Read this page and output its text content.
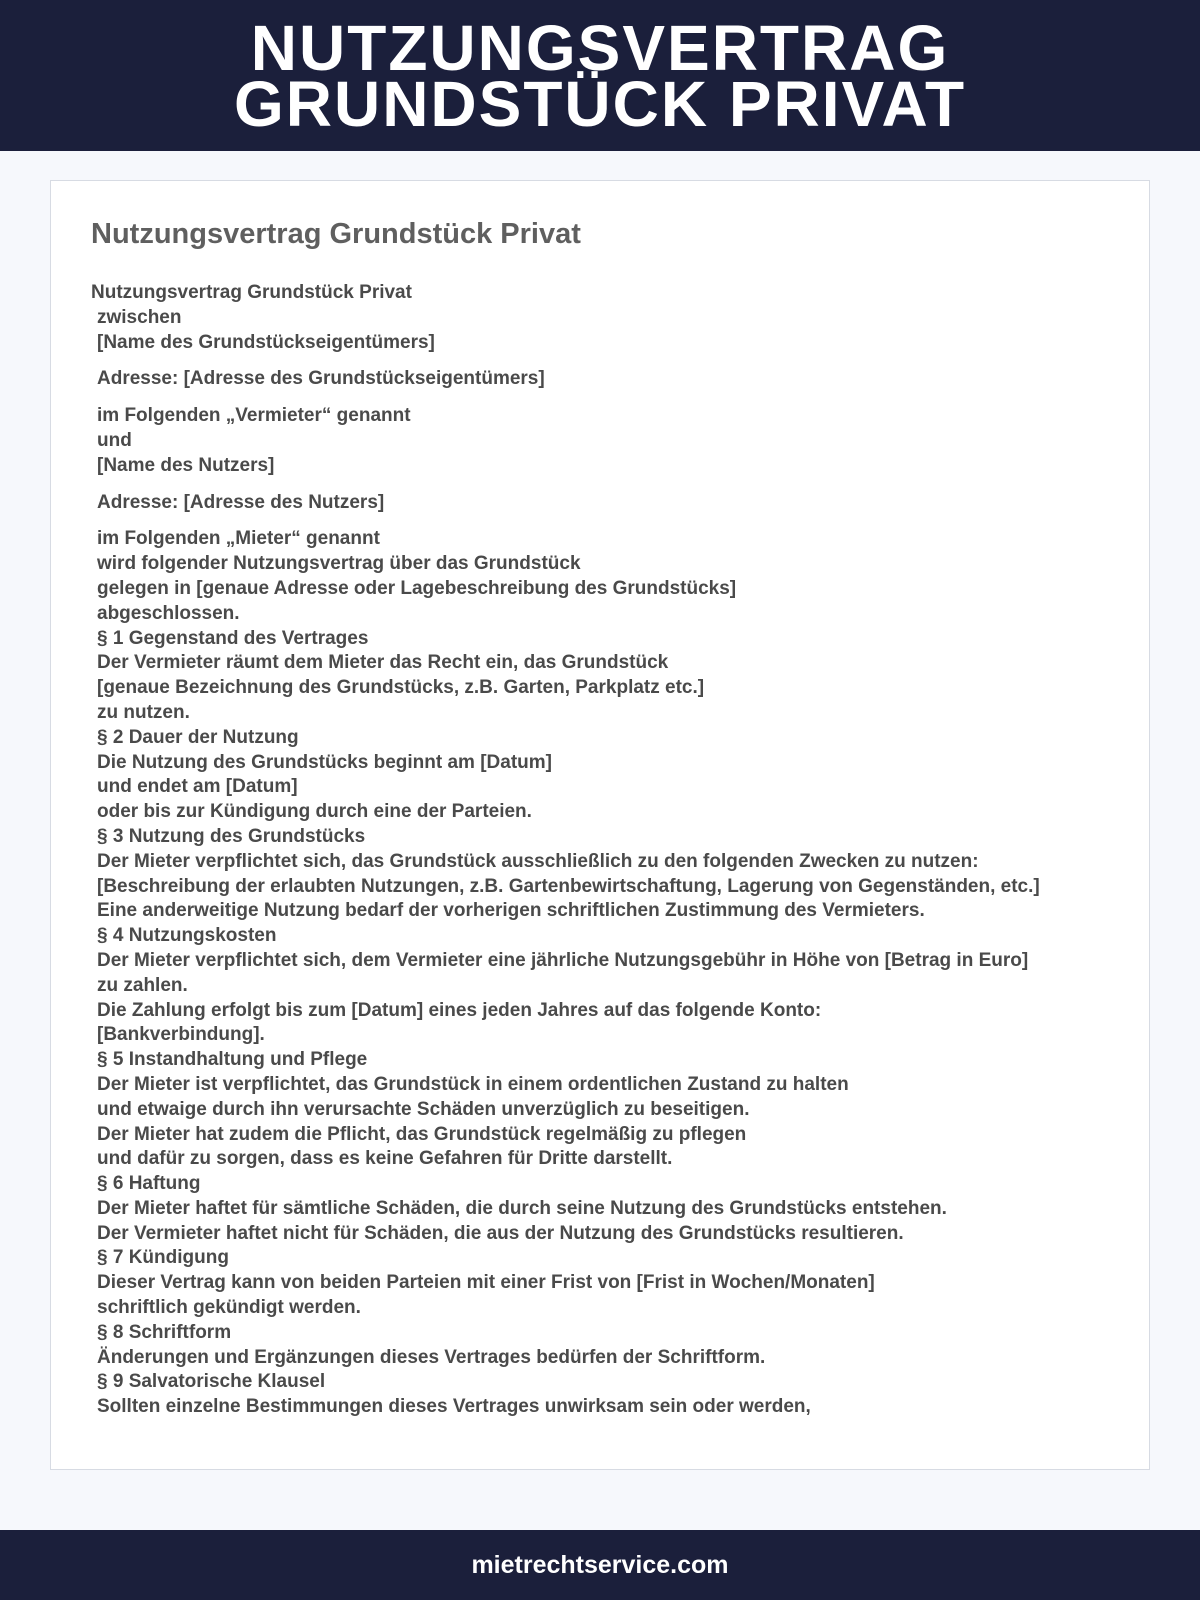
NUTZUNGSVERTRAG
GRUNDSTÜCK PRIVAT
Nutzungsvertrag Grundstück Privat
Nutzungsvertrag Grundstück Privat
zwischen
[Name des Grundstückseigentümers]
Adresse: [Adresse des Grundstückseigentümers]
im Folgenden „Vermieter“ genannt
und
[Name des Nutzers]
Adresse: [Adresse des Nutzers]
im Folgenden „Mieter“ genannt
wird folgender Nutzungsvertrag über das Grundstück
gelegen in [genaue Adresse oder Lagebeschreibung des Grundstücks]
abgeschlossen.
§ 1 Gegenstand des Vertrages
Der Vermieter räumt dem Mieter das Recht ein, das Grundstück
[genaue Bezeichnung des Grundstücks, z.B. Garten, Parkplatz etc.]
zu nutzen.
§ 2 Dauer der Nutzung
Die Nutzung des Grundstücks beginnt am [Datum]
und endet am [Datum]
oder bis zur Kündigung durch eine der Parteien.
§ 3 Nutzung des Grundstücks
Der Mieter verpflichtet sich, das Grundstück ausschließlich zu den folgenden Zwecken zu nutzen:
[Beschreibung der erlaubten Nutzungen, z.B. Gartenbewirtschaftung, Lagerung von Gegenständen, etc.]
Eine anderweitige Nutzung bedarf der vorherigen schriftlichen Zustimmung des Vermieters.
§ 4 Nutzungskosten
Der Mieter verpflichtet sich, dem Vermieter eine jährliche Nutzungsgebühr in Höhe von [Betrag in Euro]
zu zahlen.
Die Zahlung erfolgt bis zum [Datum] eines jeden Jahres auf das folgende Konto:
[Bankverbindung].
§ 5 Instandhaltung und Pflege
Der Mieter ist verpflichtet, das Grundstück in einem ordentlichen Zustand zu halten
und etwaige durch ihn verursachte Schäden unverzüglich zu beseitigen.
Der Mieter hat zudem die Pflicht, das Grundstück regelmäßig zu pflegen
und dafür zu sorgen, dass es keine Gefahren für Dritte darstellt.
§ 6 Haftung
Der Mieter haftet für sämtliche Schäden, die durch seine Nutzung des Grundstücks entstehen.
Der Vermieter haftet nicht für Schäden, die aus der Nutzung des Grundstücks resultieren.
§ 7 Kündigung
Dieser Vertrag kann von beiden Parteien mit einer Frist von [Frist in Wochen/Monaten]
schriftlich gekündigt werden.
§ 8 Schriftform
Änderungen und Ergänzungen dieses Vertrages bedürfen der Schriftform.
§ 9 Salvatorische Klausel
Sollten einzelne Bestimmungen dieses Vertrages unwirksam sein oder werden,
mietrechtservice.com
